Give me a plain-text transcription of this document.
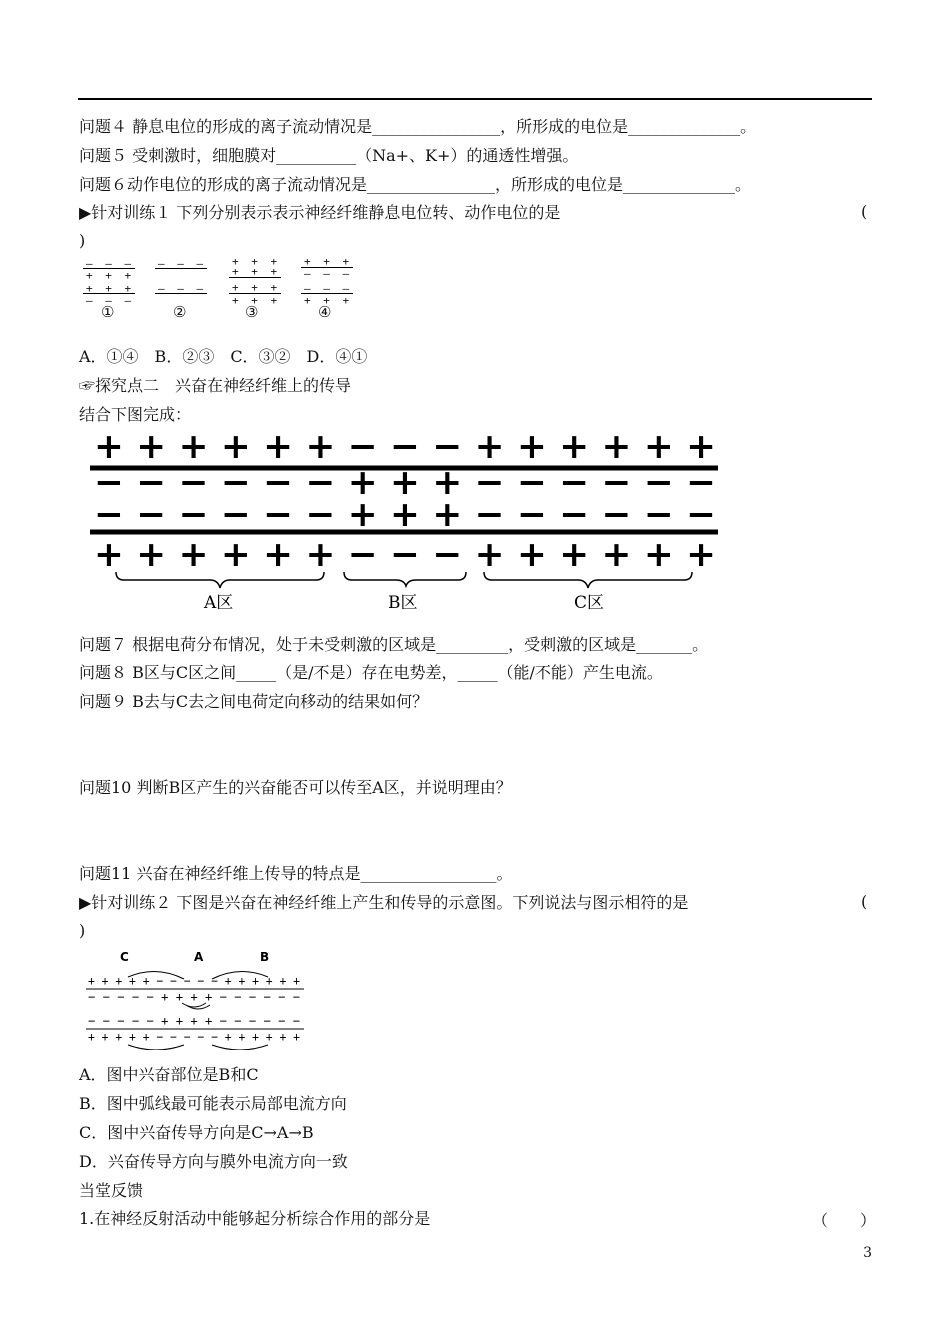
问题４ 静息电位的形成的离子流动情况是________________，所形成的电位是______________。
问题５ 受刺激时，细胞膜对__________（Na+、K+）的通透性增强。
问题６动作电位的形成的离子流动情况是________________，所形成的电位是______________。
▶针对训练１ 下列分别表示表示神经纤维静息电位转、动作电位的是	(
)
— — —
+ + +
+ + +
— — —
①
— — —
— — —
②
+ + +
+ + +
+ + +
+ + +
③
+ + +
— — —
— — —
+ + +
④
A．①④　B．②③　C．③②　D．④①
☞探究点二　兴奋在神经纤维上的传导
结合下图完成：
+ + + + + + − − − + + + + + +
− − − − − − + + + − − − − − −
− − − − − − + + + − − − − − −
+ + + + + + − − − + + + + + +
A区	B区	C区
问题７ 根据电荷分布情况，处于未受刺激的区域是_________，受刺激的区域是_______。
问题８ B区与C区之间_____（是/不是）存在电势差，_____（能/不能）产生电流。
问题９ B去与C去之间电荷定向移动的结果如何？
问题10 判断B区产生的兴奋能否可以传至A区，并说明理由？
问题11 兴奋在神经纤维上传导的特点是_________________。
▶针对训练２ 下图是兴奋在神经纤维上产生和传导的示意图。下列说法与图示相符的是	(
)
C	A	B
+ + + + + − − − − − + + + + + +
− − − − − + + + + − − − − − −
− − − − − + + + + − − − − − −
+ + + + + − − − − − + + + + + +
A．图中兴奋部位是B和C
B．图中弧线最可能表示局部电流方向
C．图中兴奋传导方向是C→A→B
D．兴奋传导方向与膜外电流方向一致
当堂反馈
1.在神经反射活动中能够起分析综合作用的部分是	（　　）
3
